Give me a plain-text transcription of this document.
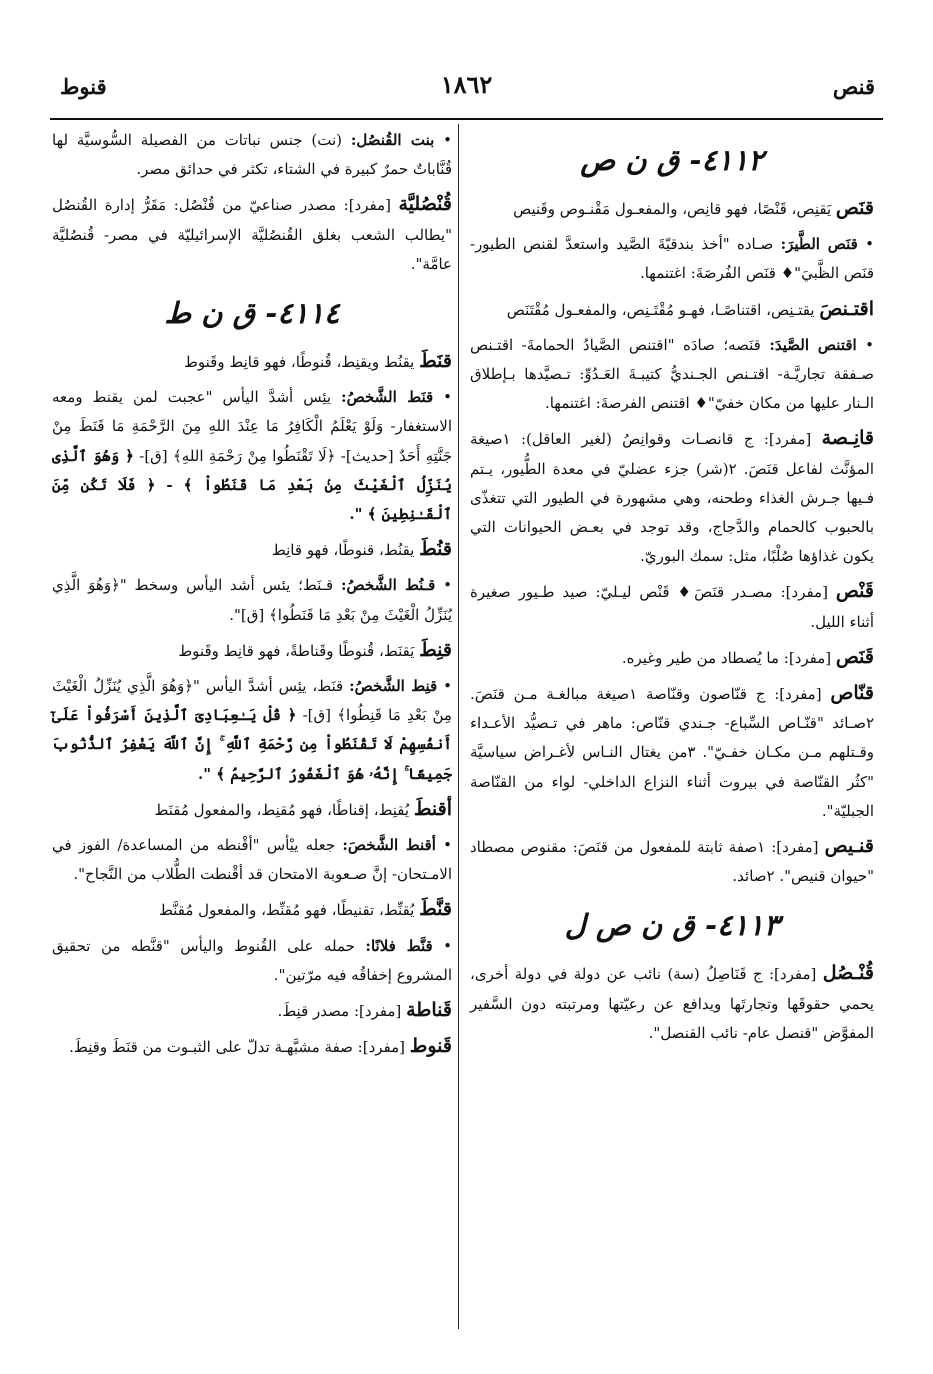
قنص
١٨٦٢
قنوط
٤١١٢- ق ن ص
قنَص يَقنِص، قَنْصًا، فهو قانِص، والمفعـول مَقْنـوص وقَنيص
• قنَص الطَّيرَ: صـاده "أخذ بندقيّةَ الصَّيد واستعدَّ لقنص الطيور- قنَص الظَّبيَ"♦ قنَص الفُرصَةَ: اغتنمها.
اقتـنصَ يقتـنِص، اقتناصًـا، فهـو مُقْتَـنِص، والمفعـول مُقْتَنَص
• اقتنص الصَّيدَ: قنَصه؛ صادَه "اقتنص الصَّيادُ الحمامةَ- اقتـنص صـفقة تجاريَّـة- اقتـنص الجـنديُّ كتيبـةَ العَـدُوِّ: تـصيَّدها بـإطلاق الـنار عليها من مكان خفيّ"♦ اقتنص الفرصةَ: اغتنمها.
قانِـصة [مفرد]: ج قانصـات وقوانِصُ (لغير العاقل): ١صيغة المؤنَّث لفاعل قنَصَ. ٢(شر) جزء عضليّ في معدة الطُّيور، يـتم فـيها جـرش الغذاء وطحنه، وهي مشهورة في الطيور التي تتغذّى بالحبوب كالحمام والدَّجاج، وقد توجد في بعـض الحيوانات التي يكون غذاؤها صُلْبًا، مثل: سمك البوريّ.
قَنْص [مفرد]: مصـدر قنَصَ♦ قَنْص ليـليّ: صيد طـيور صغيرة أثناء الليل.
قَنَص [مفرد]: ما يُصطاد من طير وغيره.
قنّاص [مفرد]: ج قنّاصون وقنّاصة ١صيغة مبالغـة مـن قنَصَ. ٢صـائد "قنّـاص السِّباع- جـندي قنّاص: ماهر في تـصيُّد الأعـداء وقـتلهم مـن مكـان خفـيّ". ٣من يغتال النـاس لأغـراض سياسيَّة "كثُر القنّاصة في بيروت أثناء النزاع الداخلي- لواء من القنّاصة الجبليّة".
قنـيص [مفرد]: ١صفة ثابتة للمفعول من قنَصَ: مقنوص مصطاد "حيوان قنيص". ٢صائد.
٤١١٣- ق ن ص ل
قُنْـصُل [مفرد]: ج قَنَاصِلُ (سة) نائب عن دولة في دولة أخرى، يحمي حقوقَها وتجارتَها ويدافع عن رعيّتها ومرتبته دون السَّفير المفوَّض "قنصل عام- نائب القنصل".
• بنت القُنصُل: (نت) جنس نباتات من الفصيلة السُّوسيَّة لها قُنَّاباتٌ حمرٌ كبيرة في الشتاء، تكثر في حدائق مصر.
قُنْصُليَّة [مفرد]: مصدر صناعيّ من قُنْصُل: مَقَرُّ إدارة القُنصُل "يطالب الشعب بغلق القُنصُليَّة الإسرائيليّة في مصر- قُنصُليَّة عامَّة".
٤١١٤- ق ن ط
قنَطَ يقنُط ويقنِط، قُنوطًا، فهو قانِط وقَنوط
• قنَط الشَّخصُ: يئِس أشدَّ اليأس "عجبت لمن يقنط ومعه الاستغفار- وَلَوْ يَعْلَمُ الْكَافِرُ مَا عِنْدَ اللهِ مِنَ الرَّحْمَةِ مَا قَنَطَ مِنْ جَنَّتِهِ أَحَدٌ [حديث]- ﴿لَا تَقْنَطُوا مِنْ رَحْمَةِ اللهِ﴾ [ق]- ﴿ وَهُوَ ٱلَّذِى يُنَزِّلُ ٱلْغَيْثَ مِنۢ بَعْدِ مَا قَنَطُواْ ﴾ - ﴿ فَلَا تَكُن مِّنَ ٱلْقَـٰنِطِينَ ﴾ ".
قنُطَ يقنُط، قنوطًا، فهو قانِط
• قـنُط الشَّخصُ: قـنَط؛ يئس أشد اليأس وسخط "﴿وَهُوَ الَّذِي يُنَزِّلُ الْغَيْثَ مِنْ بَعْدِ مَا قَنَطُوا﴾ [ق]".
قنِطَ يَقنَط، قُنوطًا وقَناطةً، فهو قانِط وقَنوط
• قنِط الشَّخصُ: قنَط، يئِس أشدَّ اليأس "﴿وَهُوَ الَّذِي يُنَزِّلُ الْغَيْثَ مِنْ بَعْدِ مَا قَنِطُوا﴾ [ق]- ﴿ قُلْ يَـٰعِبَادِىَ ٱلَّذِينَ أَسْرَفُواْ عَلَىٰٓ أَنفُسِهِمْ لَا تَقْنَطُواْ مِن رَّحْمَةِ ٱللَّهِ ۚ إِنَّ ٱللَّهَ يَغْفِرُ ٱلذُّنُوبَ جَمِيعًا ۚ إِنَّهُۥ هُوَ ٱلْغَفُورُ ٱلرَّحِيمُ ﴾ ".
أقنطَ يُقنِط، إقناطًا، فهو مُقنِط، والمفعول مُقنَط
• أقنط الشَّخصَ: جعله ييْأس "أقْنطه من المساعدة/ الفوز في الامـتحان- إنَّ صـعوبة الامتحان قد أقْنطت الطُّلاب من النَّجاح".
قنَّطَ يُقنِّط، تقنيطًا، فهو مُقنِّط، والمفعول مُقنَّط
• قنَّط فلانًا: حمله على القُنوط واليأس "قنَّطه من تحقيق المشروع إخفاقُه فيه مرّتين".
قَناطة [مفرد]: مصدر قنِطَ.
قَنوط [مفرد]: صفة مشبَّهـة تدلّ على الثبـوت من قنَطَ وقنِطَ.
